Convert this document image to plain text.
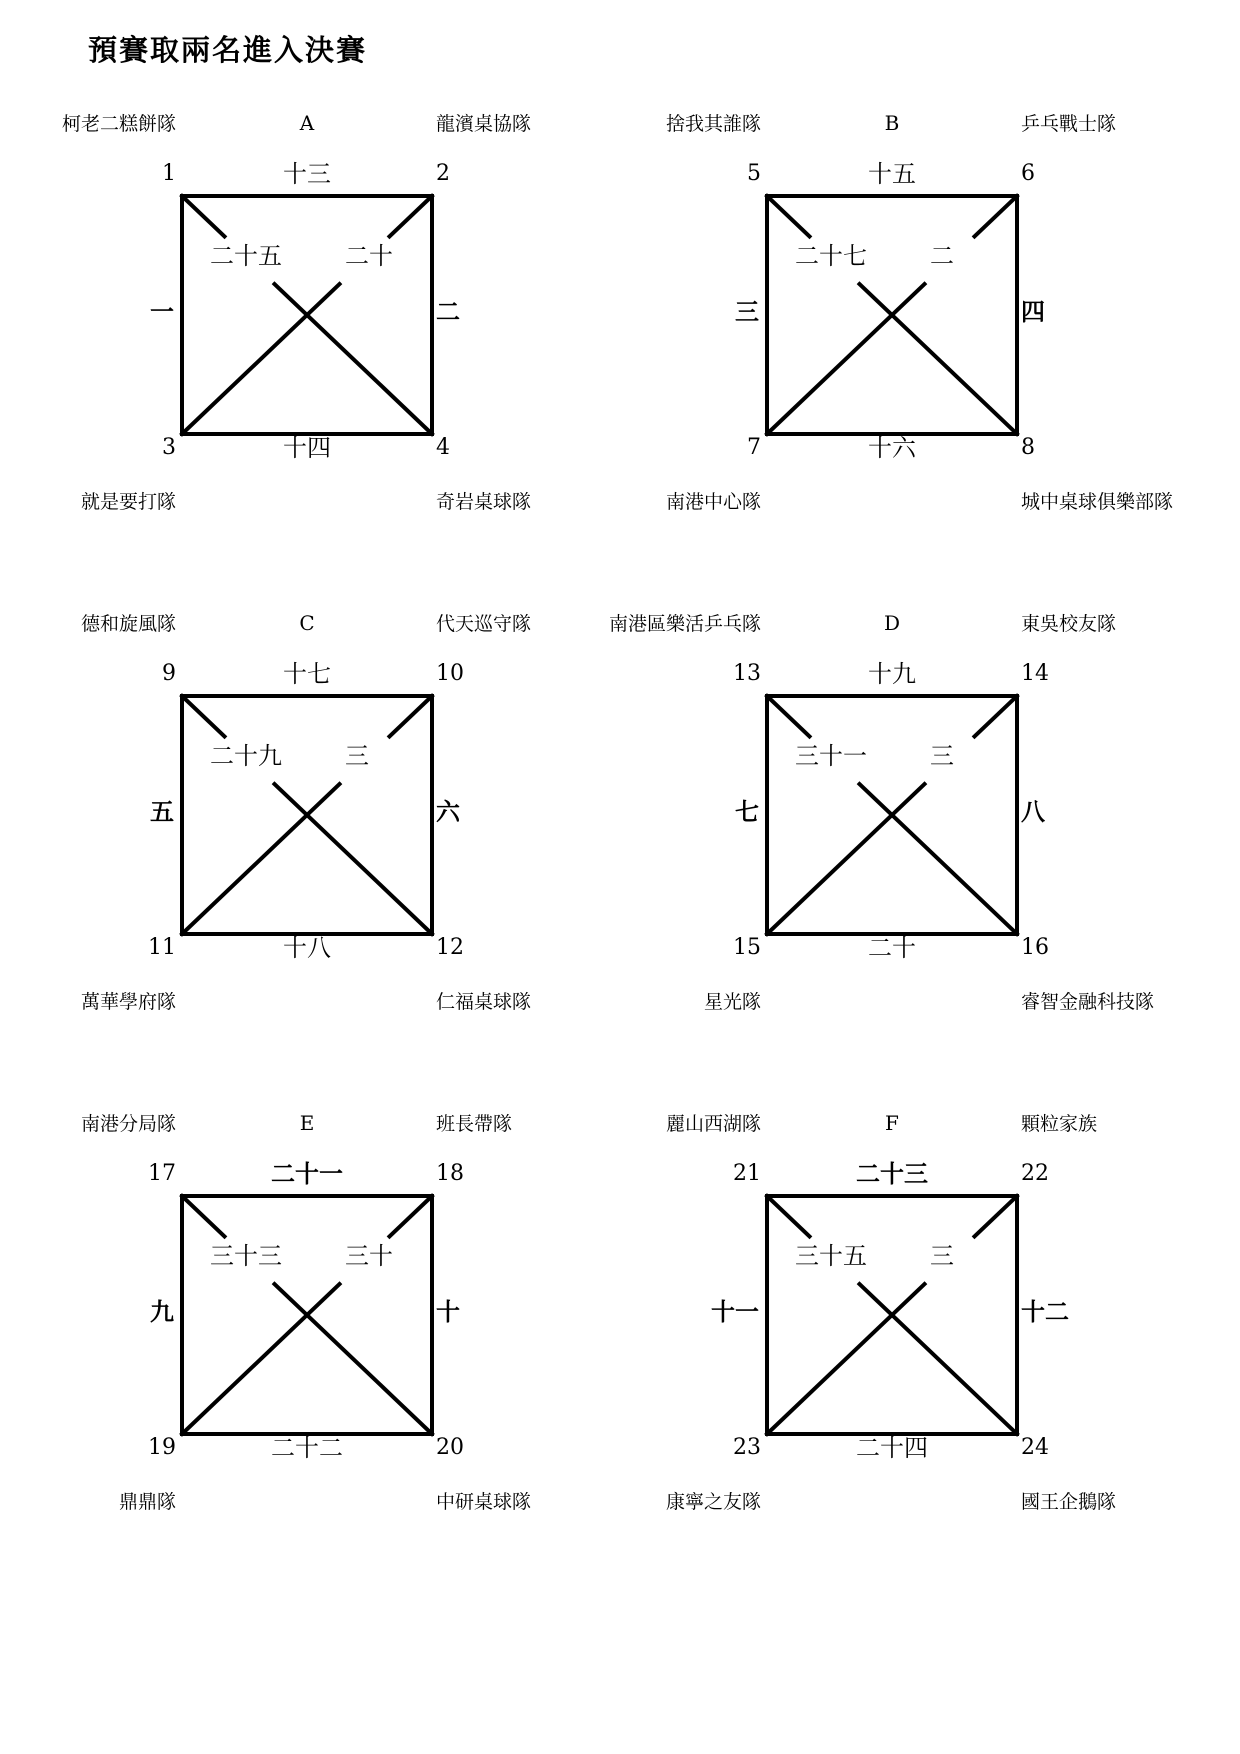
預賽取兩名進入決賽
柯老二糕餅隊	龍濱桌協隊
就是要打隊	奇岩桌球隊
A
1	2
3	4
十三
十四
一	二
二十五	二十
捨我其誰隊	乒乓戰士隊
南港中心隊	城中桌球俱樂部隊
B
5	6
7	8
十五
十六
三	四
二十七	二
德和旋風隊	代天巡守隊
萬華學府隊	仁福桌球隊
C
9	10
11	12
十七
十八
五	六
二十九	三
南港區樂活乒乓隊	東吳校友隊
星光隊	睿智金融科技隊
D
13	14
15	16
十九
二十
七	八
三十一	三
南港分局隊	班長帶隊
鼎鼎隊	中研桌球隊
E
17	18
19	20
二十一
二十二
九	十
三十三	三十
麗山西湖隊	顆粒家族
康寧之友隊	國王企鵝隊
F
21	22
23	24
二十三
二十四
十一	十二
三十五	三
